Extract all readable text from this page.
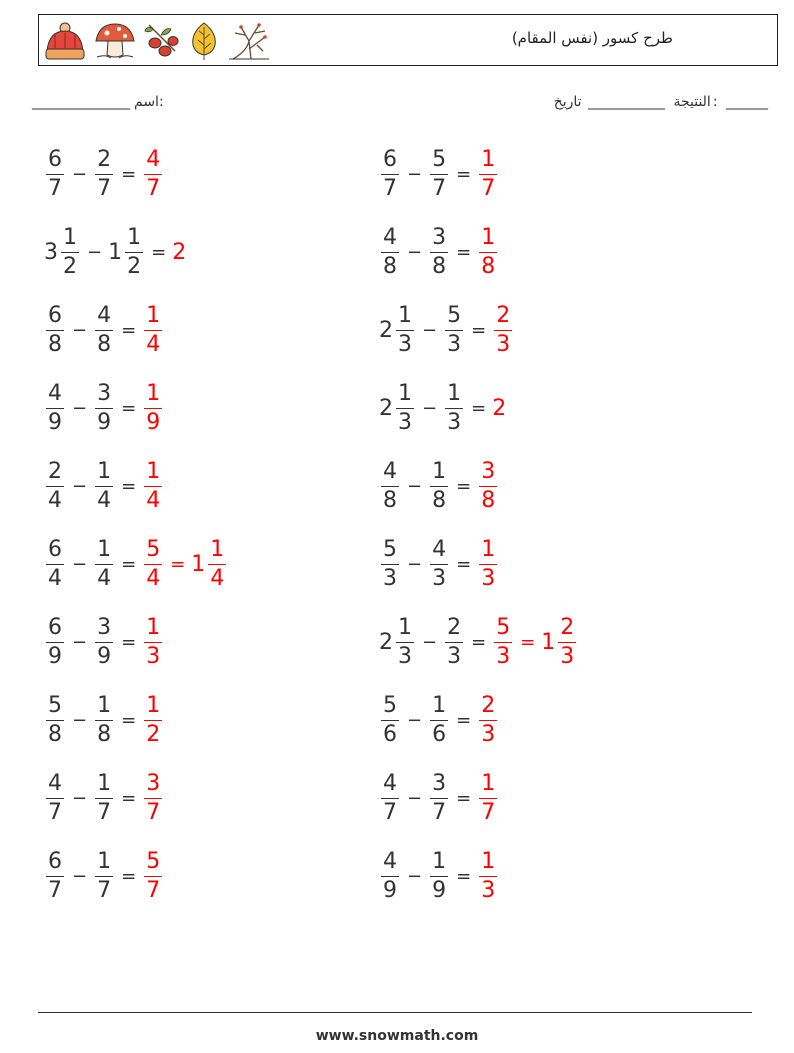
طرح كسور (نفس المقام)
______________ اسم:	النتيجة ___________ تاريخ: ______
$\frac{6}{7} - \frac{2}{7} = \frac{4}{7}$
$3 \frac{1}{2} - 1 \frac{1}{2} = 2$
$\frac{6}{8} - \frac{4}{8} = \frac{1}{4}$
$\frac{4}{9} - \frac{3}{9} = \frac{1}{9}$
$\frac{2}{4} - \frac{1}{4} = \frac{1}{4}$
$\frac{6}{4} - \frac{1}{4} = \frac{5}{4} = 1 \frac{1}{4}$
$\frac{6}{9} - \frac{3}{9} = \frac{1}{3}$
$\frac{5}{8} - \frac{1}{8} = \frac{1}{2}$
$\frac{4}{7} - \frac{1}{7} = \frac{3}{7}$
$\frac{6}{7} - \frac{1}{7} = \frac{5}{7}$
$\frac{6}{7} - \frac{5}{7} = \frac{1}{7}$
$\frac{4}{8} - \frac{3}{8} = \frac{1}{8}$
$2 \frac{1}{3} - \frac{5}{3} = \frac{2}{3}$
$2 \frac{1}{3} - \frac{1}{3} = 2$
$\frac{4}{8} - \frac{1}{8} = \frac{3}{8}$
$\frac{5}{3} - \frac{4}{3} = \frac{1}{3}$
$2 \frac{1}{3} - \frac{2}{3} = \frac{5}{3} = 1 \frac{2}{3}$
$\frac{5}{6} - \frac{1}{6} = \frac{2}{3}$
$\frac{4}{7} - \frac{3}{7} = \frac{1}{7}$
$\frac{4}{9} - \frac{1}{9} = \frac{1}{3}$
www.snowmath.com
